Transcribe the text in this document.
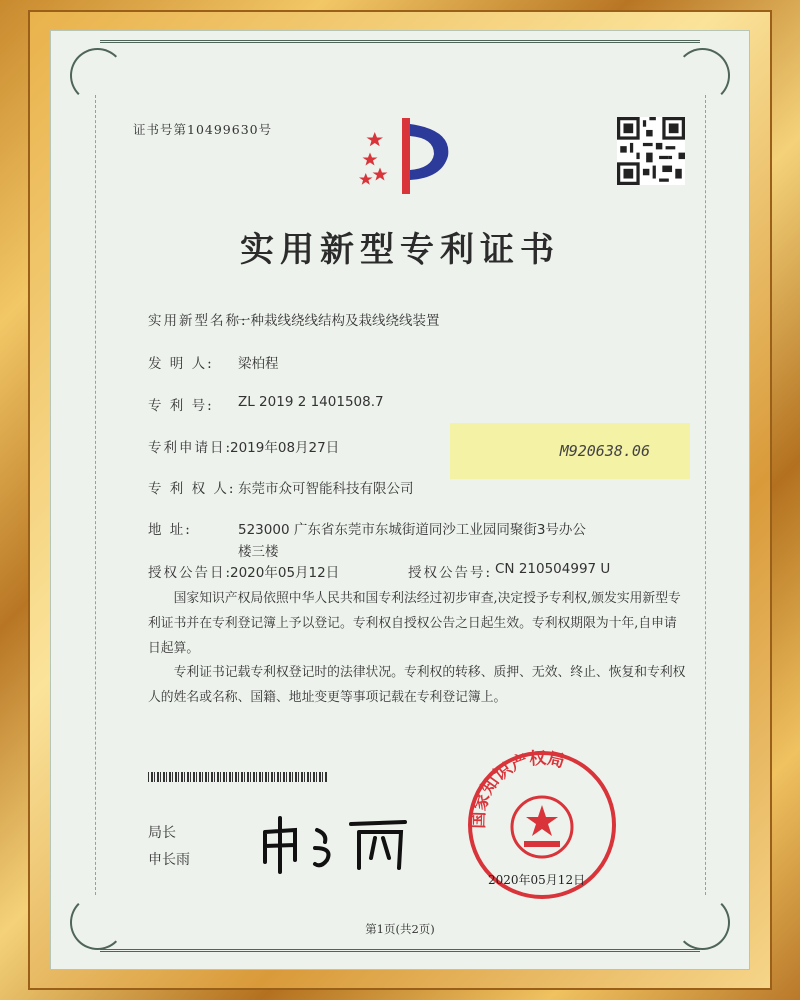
证书号第10499630号
实用新型专利证书
实用新型名称:
一种栽线绕线结构及栽线绕线装置
发 明 人: 梁柏程
专 利 号: ZL 2019 2 1401508.7
专利申请日:
2019年08月27日	M920638.06
专 利 权 人: 东莞市众可智能科技有限公司
地 址:	523000 广东省东莞市东城街道同沙工业园同聚街3号办公
楼三楼
授权公告日:
2020年05月12日	授权公告号: CN 210504997 U
国家知识产权局依照中华人民共和国专利法经过初步审查,决定授予专利权,颁发实用新型专利证书并在专利登记簿上予以登记。专利权自授权公告之日起生效。专利权期限为十年,自申请日起算。
专利证书记载专利权登记时的法律状况。专利权的转移、质押、无效、终止、恢复和专利权人的姓名或名称、国籍、地址变更等事项记载在专利登记簿上。
局长
申长雨
国家知识产权局
2020年05月12日
第1页(共2页)
